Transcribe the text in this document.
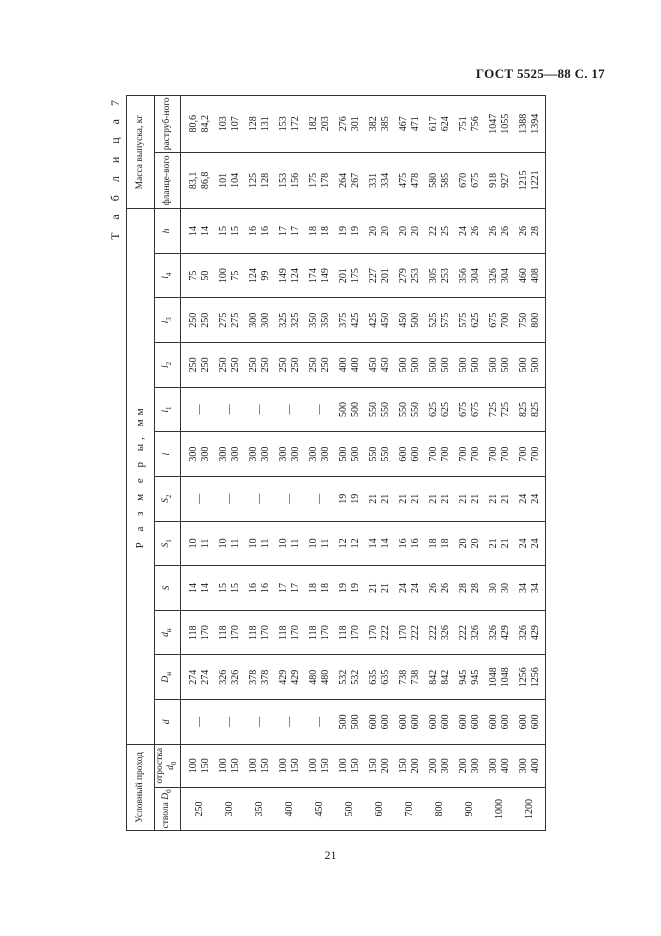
ГОСТ 5525—88 С. 17
Т а б л и ц а 7
Условный проход		Р а з м е р ы, мм												Масса выпуска, кг	
ствола $D_0$	отростка $d_0$	d	$D_н$	$d_н$	S	$S_1$	$S_2$	l	$l_1$	$l_2$	$l_3$	$l_4$	h	фланце-вого	раструб-ного
250	100 150	—	274 274	118 170	14 14	10 11	—	300 300	—	250 250	250 250	75 50	14 14	83,1 86,8	80,6 84,2

300	100 150	—	326 326	118 170	15 15	10 11	—	300 300	—	250 250	275 275	100 75	15 15	101 104	103 107

350	100 150	—	378 378	118 170	16 16	10 11	—	300 300	—	250 250	300 300	124 99	16 16	125 128	128 131

400	100 150	—	429 429	118 170	17 17	10 11	—	300 300	—	250 250	325 325	149 124	17 17	153 156	153 172

450	100 150	—	480 480	118 170	18 18	10 11	—	300 300	—	250 250	350 350	174 149	18 18	175 178	182 203

500	100 150	500 500	532 532	118 170	19 19	12 12	19 19	500 500	500 500	400 400	375 425	201 175	19 19	264 267	276 301

600	150 200	600 600	635 635	170 222	21 21	14 14	21 21	550 550	550 550	450 450	425 450	227 201	20 20	331 334	382 385

700	150 200	600 600	738 738	170 222	24 24	16 16	21 21	600 600	550 550	500 500	450 500	279 253	20 20	475 478	467 471

800	200 300	600 600	842 842	222 326	26 26	18 18	21 21	700 700	625 625	500 500	525 575	305 253	22 25	580 585	617 624

900	200 300	600 600	945 945	222 326	28 28	20 20	21 21	700 700	675 675	500 500	575 625	356 304	24 26	670 675	751 756

1000	300 400	600 600	1048 1048	326 429	30 30	21 21	21 21	700 700	725 725	500 500	675 700	326 304	26 26	918 927	1047 1055

1200	300 400	600 600	1256 1256	326 429	34 34	24 24	24 24	700 700	825 825	500 500	750 800	460 408	26 28	1215 1221	1388 1394
21
